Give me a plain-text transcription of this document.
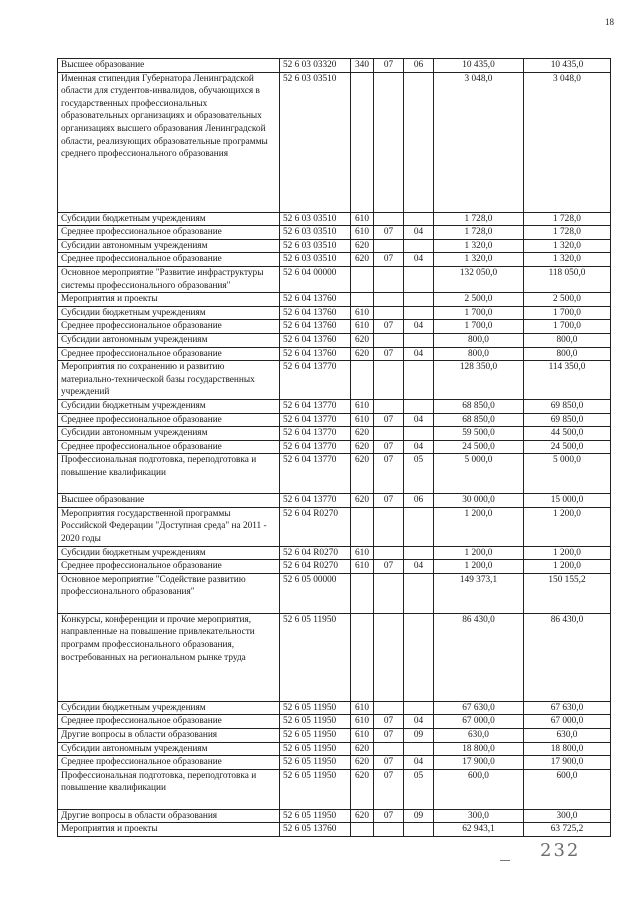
18
Высшее образование	52 6 03 03320	340	07	06	10 435,0	10 435,0
Именная стипендия Губернатора Ленинградской области для студентов-инвалидов, обучающихся в государственных профессиональных образовательных организациях и образовательных организациях высшего образования Ленинградской области, реализующих образовательные программы среднего профессионального образования	52 6 03 03510				3 048,0	3 048,0
Субсидии бюджетным учреждениям	52 6 03 03510	610			1 728,0	1 728,0
Среднее профессиональное образование	52 6 03 03510	610	07	04	1 728,0	1 728,0
Субсидии автономным учреждениям	52 6 03 03510	620			1 320,0	1 320,0
Среднее профессиональное образование	52 6 03 03510	620	07	04	1 320,0	1 320,0
Основное мероприятие "Развитие инфраструктуры системы профессионального образования"	52 6 04 00000				132 050,0	118 050,0
Мероприятия и проекты	52 6 04 13760				2 500,0	2 500,0
Субсидии бюджетным учреждениям	52 6 04 13760	610			1 700,0	1 700,0
Среднее профессиональное образование	52 6 04 13760	610	07	04	1 700,0	1 700,0
Субсидии автономным учреждениям	52 6 04 13760	620			800,0	800,0
Среднее профессиональное образование	52 6 04 13760	620	07	04	800,0	800,0
Мероприятия по сохранению и развитию материально-технической базы государственных учреждений	52 6 04 13770				128 350,0	114 350,0
Субсидии бюджетным учреждениям	52 6 04 13770	610			68 850,0	69 850,0
Среднее профессиональное образование	52 6 04 13770	610	07	04	68 850,0	69 850,0
Субсидии автономным учреждениям	52 6 04 13770	620			59 500,0	44 500,0
Среднее профессиональное образование	52 6 04 13770	620	07	04	24 500,0	24 500,0
Профессиональная подготовка, переподготовка и повышение квалификации	52 6 04 13770	620	07	05	5 000,0	5 000,0
Высшее образование	52 6 04 13770	620	07	06	30 000,0	15 000,0
Мероприятия государственной программы Российской Федерации "Доступная среда" на 2011 - 2020 годы	52 6 04 R0270				1 200,0	1 200,0
Субсидии бюджетным учреждениям	52 6 04 R0270	610			1 200,0	1 200,0
Среднее профессиональное образование	52 6 04 R0270	610	07	04	1 200,0	1 200,0
Основное мероприятие "Содействие развитию профессионального образования"	52 6 05 00000				149 373,1	150 155,2
Конкурсы, конференции и прочие мероприятия, направленные на повышение привлекательности программ профессионального образования, востребованных на региональном рынке труда	52 6 05 11950				86 430,0	86 430,0
Субсидии бюджетным учреждениям	52 6 05 11950	610			67 630,0	67 630,0
Среднее профессиональное образование	52 6 05 11950	610	07	04	67 000,0	67 000,0
Другие вопросы в области образования	52 6 05 11950	610	07	09	630,0	630,0
Субсидии автономным учреждениям	52 6 05 11950	620			18 800,0	18 800,0
Среднее профессиональное образование	52 6 05 11950	620	07	04	17 900,0	17 900,0
Профессиональная подготовка, переподготовка и повышение квалификации	52 6 05 11950	620	07	05	600,0	600,0
Другие вопросы в области образования	52 6 05 11950	620	07	09	300,0	300,0
Мероприятия и проекты	52 6 05 13760				62 943,1	63 725,2
232
